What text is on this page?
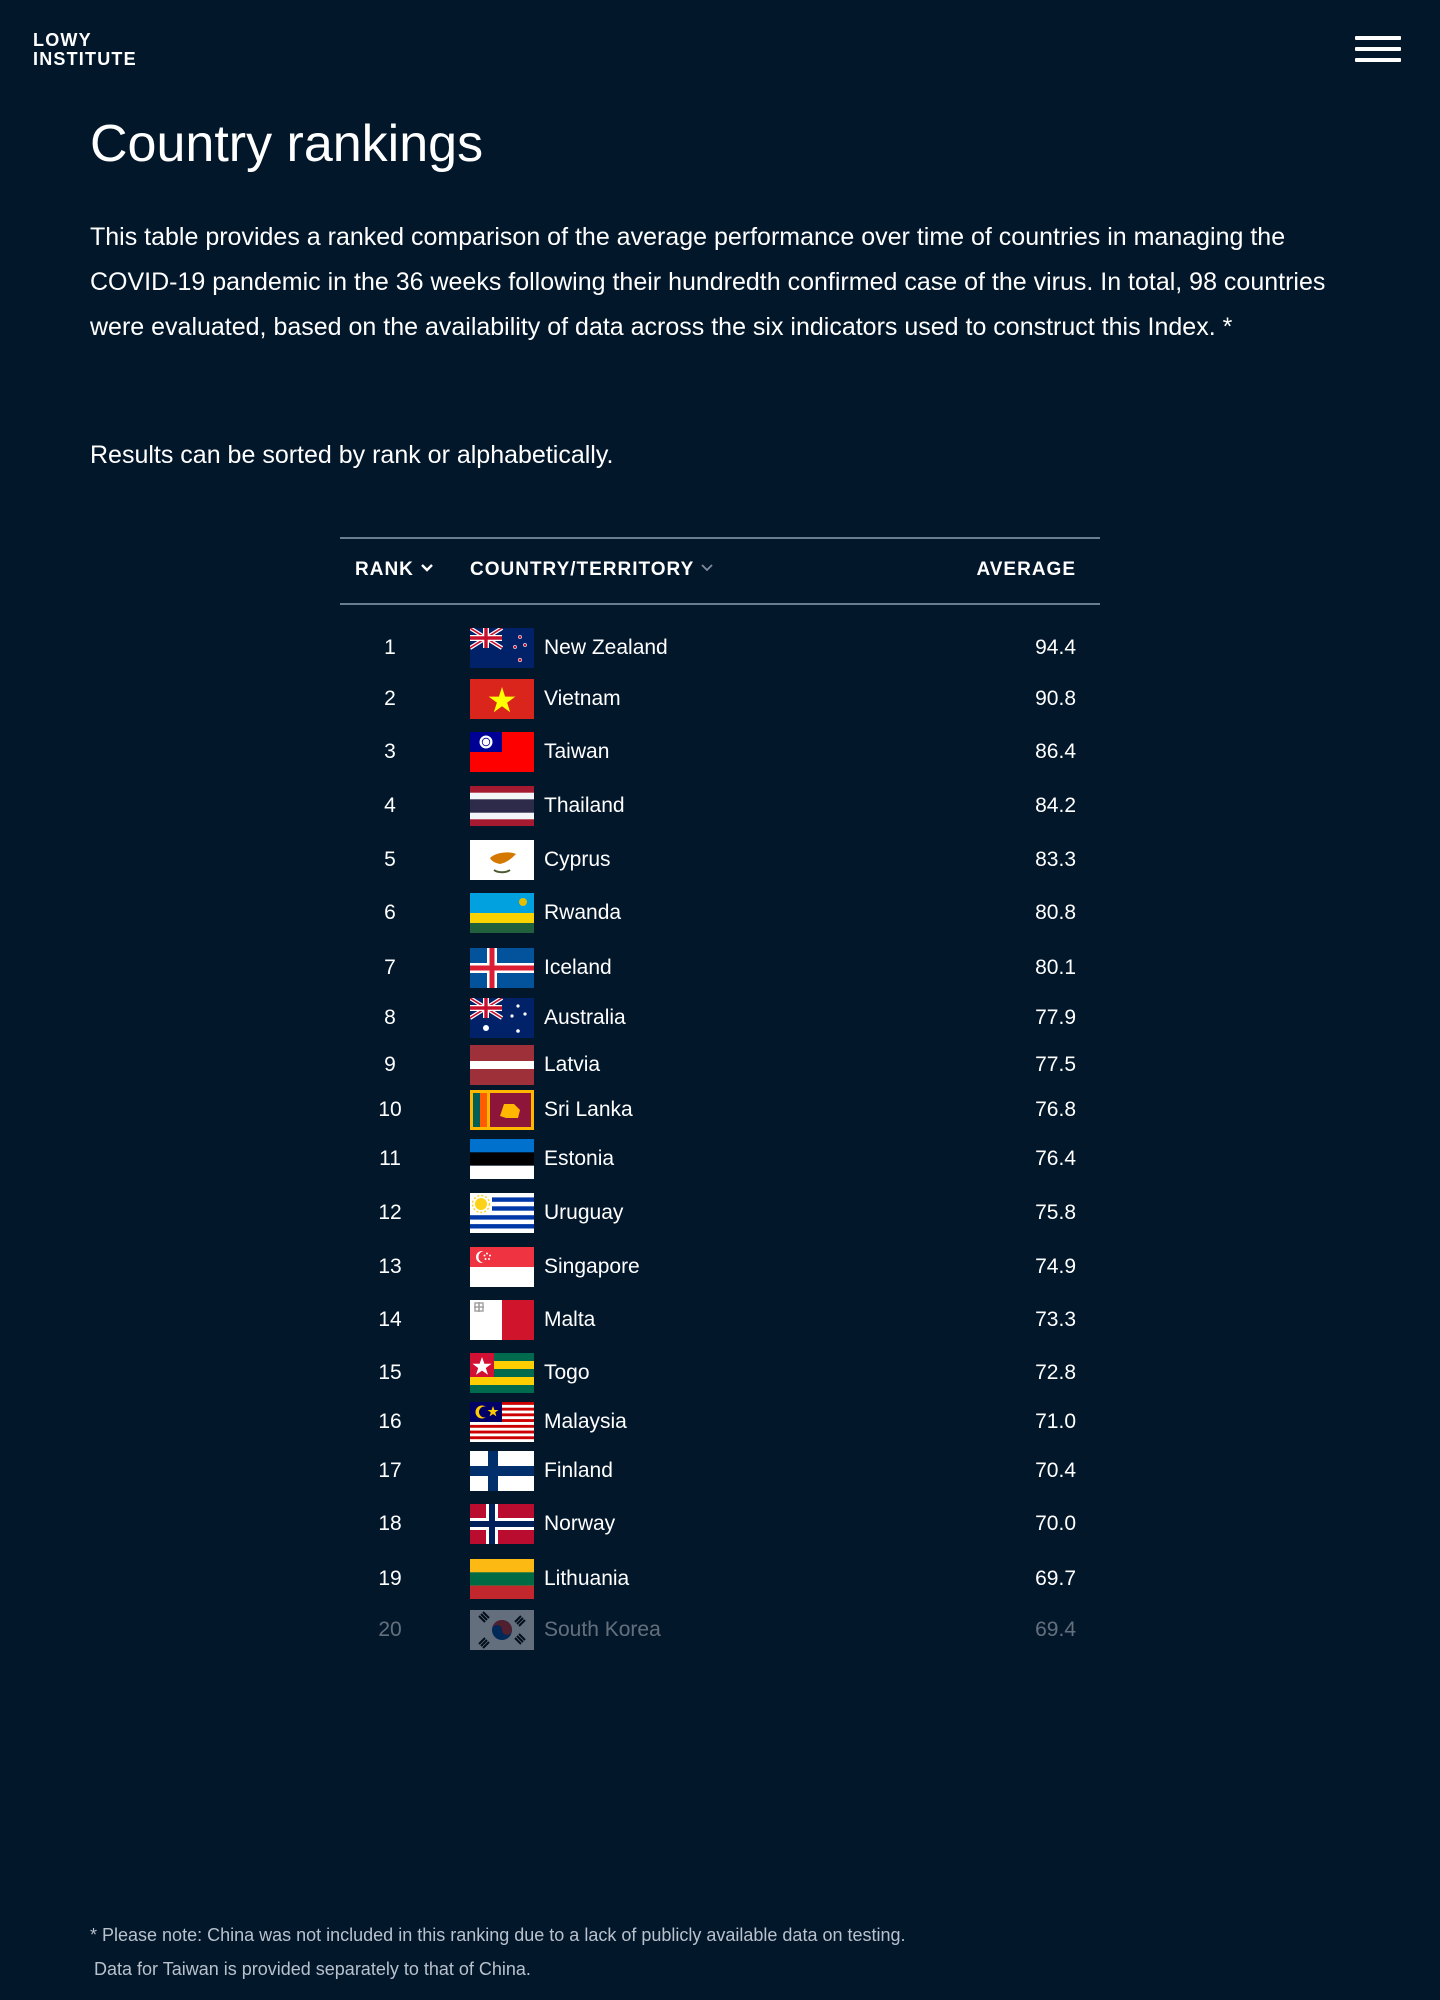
LOWY
INSTITUTE
Country rankings

This table provides a ranked comparison of the average performance over time of countries in managing the COVID-19 pandemic in the 36 weeks following their hundredth confirmed case of the virus. In total, 98 countries were evaluated, based on the availability of data across the six indicators used to construct this Index. *

Results can be sorted by rank or alphabetically.

RANK	COUNTRY/TERRITORY	AVERAGE
1	New Zealand	94.4
2	Vietnam	90.8
3	Taiwan	86.4
4	Thailand	84.2
5	Cyprus	83.3
6	Rwanda	80.8
7	Iceland	80.1
8	Australia	77.9
9	Latvia	77.5
10	Sri Lanka	76.8
11	Estonia	76.4
12	Uruguay	75.8
13	Singapore	74.9
14	Malta	73.3
15	Togo	72.8
16	Malaysia	71.0
17	Finland	70.4
18	Norway	70.0
19	Lithuania	69.7
20	South Korea	69.4

* Please note: China was not included in this ranking due to a lack of publicly available data on testing.
Data for Taiwan is provided separately to that of China.
